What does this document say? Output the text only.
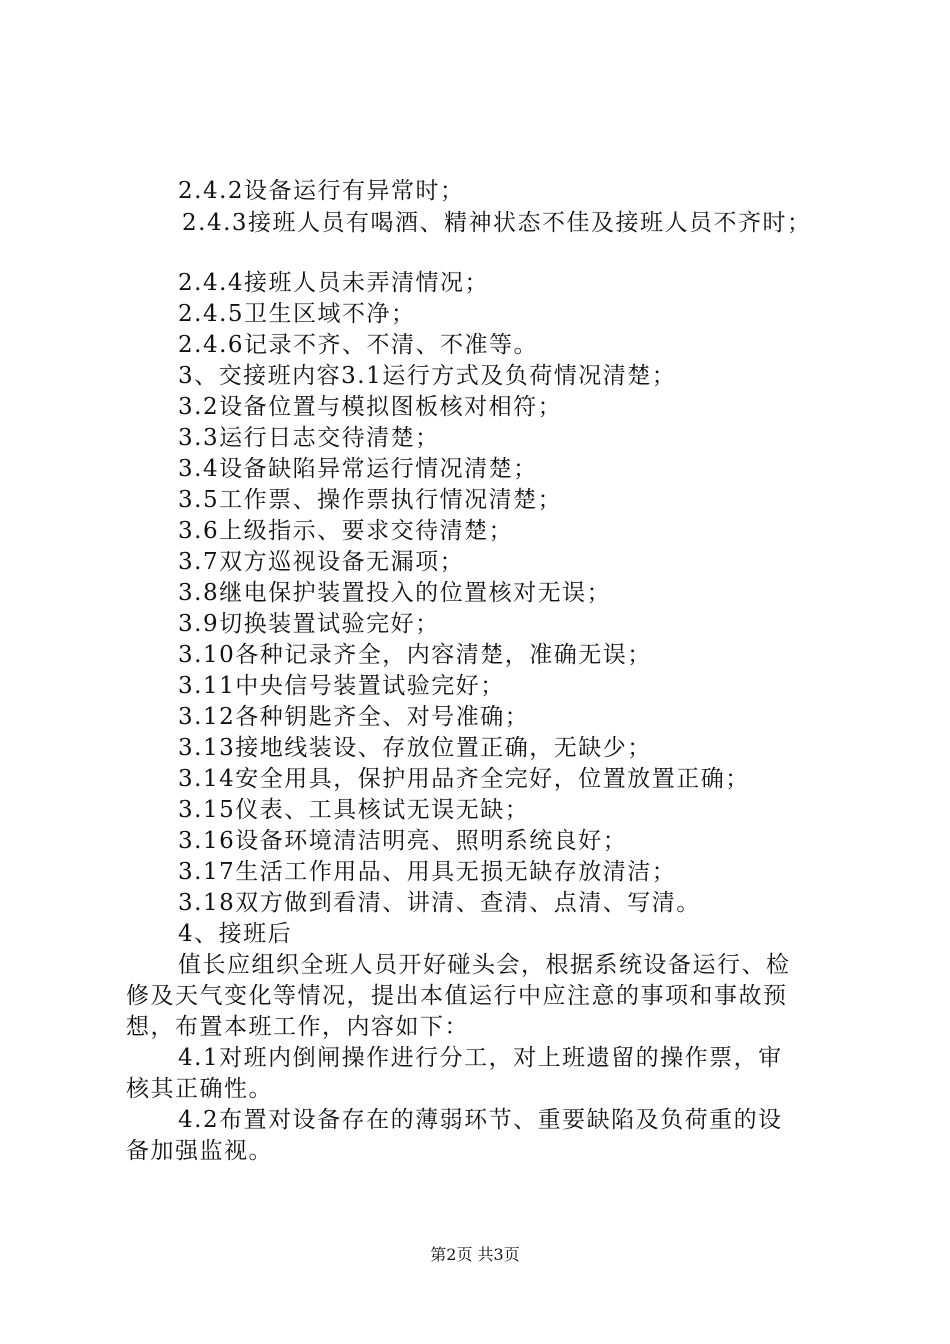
2.4.2设备运行有异常时；
2.4.3接班人员有喝酒、精神状态不佳及接班人员不齐时；
2.4.4接班人员未弄清情况；
2.4.5卫生区域不净；
2.4.6记录不齐、不清、不准等。
3、交接班内容3.1运行方式及负荷情况清楚；
3.2设备位置与模拟图板核对相符；
3.3运行日志交待清楚；
3.4设备缺陷异常运行情况清楚；
3.5工作票、操作票执行情况清楚；
3.6上级指示、要求交待清楚；
3.7双方巡视设备无漏项；
3.8继电保护装置投入的位置核对无误；
3.9切换装置试验完好；
3.10各种记录齐全，内容清楚，准确无误；
3.11中央信号装置试验完好；
3.12各种钥匙齐全、对号准确；
3.13接地线装设、存放位置正确，无缺少；
3.14安全用具，保护用品齐全完好，位置放置正确；
3.15仪表、工具核试无误无缺；
3.16设备环境清洁明亮、照明系统良好；
3.17生活工作用品、用具无损无缺存放清洁；
3.18双方做到看清、讲清、查清、点清、写清。
4、接班后
值长应组织全班人员开好碰头会，根据系统设备运行、检
修及天气变化等情况，提出本值运行中应注意的事项和事故预
想，布置本班工作，内容如下：
4.1对班内倒闸操作进行分工，对上班遗留的操作票，审
核其正确性。
4.2布置对设备存在的薄弱环节、重要缺陷及负荷重的设
备加强监视。
第2页 共3页
